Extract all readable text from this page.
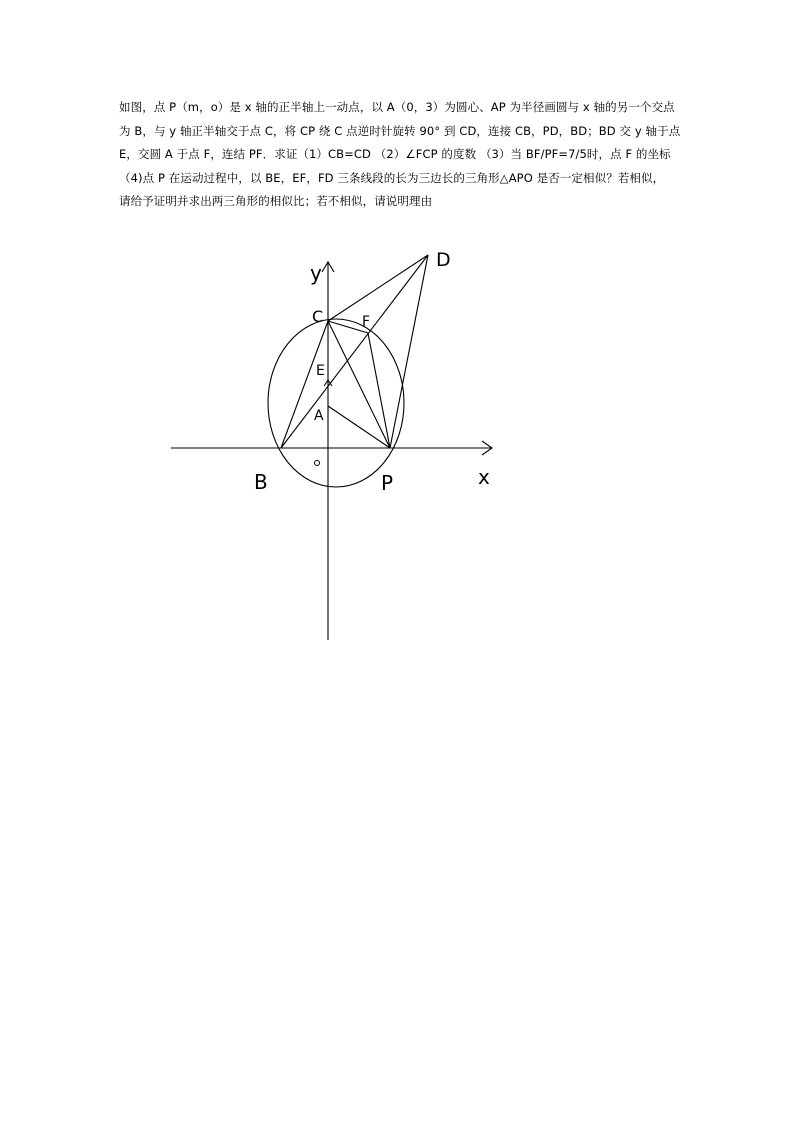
如图，点 P（m，o）是 x 轴的正半轴上一动点，以 A（0，3）为圆心、AP 为半径画圆与 x 轴的另一个交点
为 B，与 y 轴正半轴交于点 C，将 CP 绕 C 点逆时针旋转 90° 到 CD，连接 CB，PD，BD；BD 交 y 轴于点
E，交圆 A 于点 F，连结 PF．求证（1）CB=CD （2）∠FCP 的度数 （3）当 BF/PF=7/5时，点 F 的坐标
（4)点 P 在运动过程中，以 BE，EF，FD 三条线段的长为三边长的三角形△APO 是否一定相似？若相似，
请给予证明并求出两三角形的相似比；若不相似，请说明理由
y
x
D
C	F
E
A
B
o
P
